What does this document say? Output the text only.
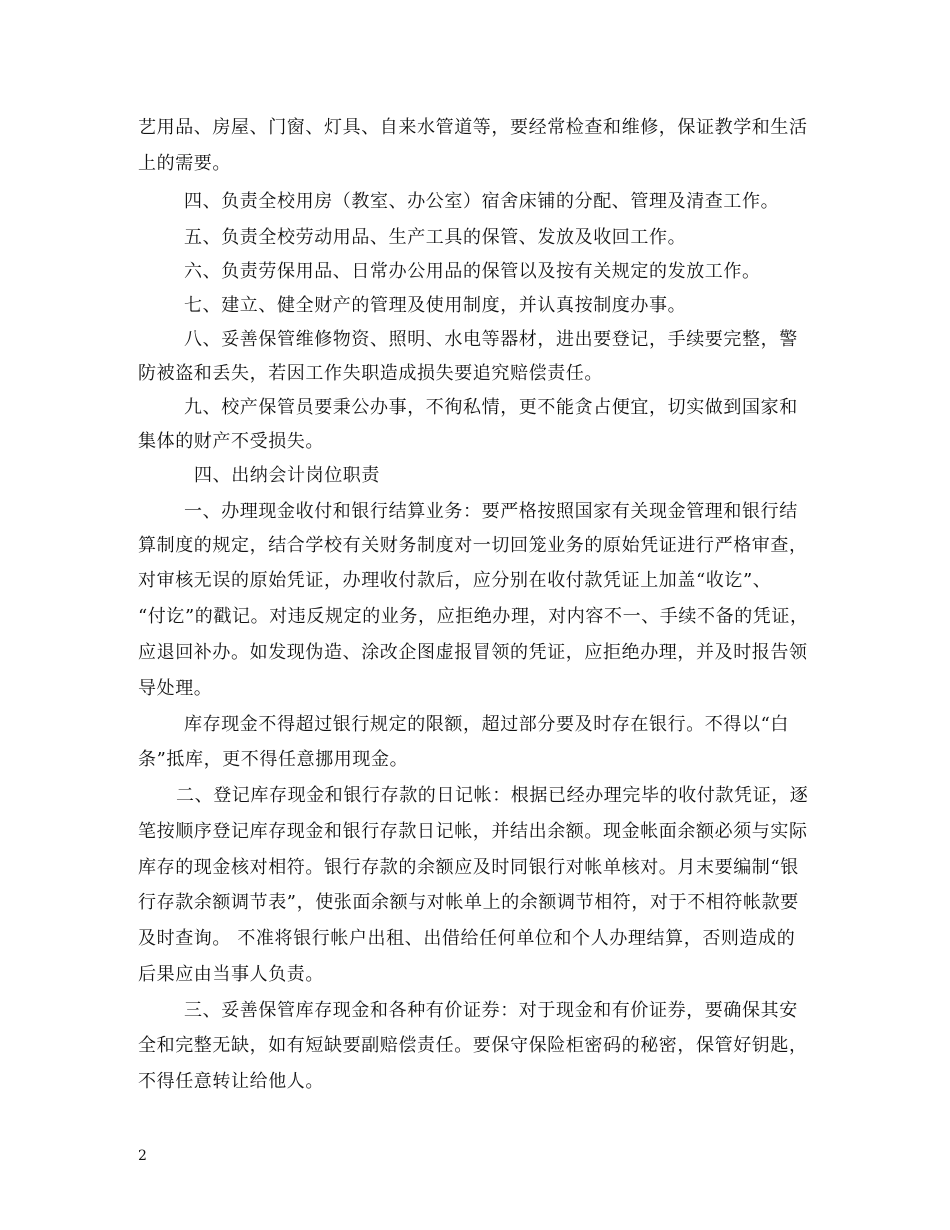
艺用品、房屋、门窗、灯具、自来水管道等，要经常检查和维修，保证教学和生活
上的需要。
四、负责全校用房（教室、办公室）宿舍床铺的分配、管理及清查工作。
五、负责全校劳动用品、生产工具的保管、发放及收回工作。
六、负责劳保用品、日常办公用品的保管以及按有关规定的发放工作。
七、建立、健全财产的管理及使用制度，并认真按制度办事。
八、妥善保管维修物资、照明、水电等器材，进出要登记，手续要完整，警
防被盗和丢失，若因工作失职造成损失要追究赔偿责任。
九、校产保管员要秉公办事，不徇私情，更不能贪占便宜，切实做到国家和
集体的财产不受损失。
四、出纳会计岗位职责
一、办理现金收付和银行结算业务：要严格按照国家有关现金管理和银行结
算制度的规定，结合学校有关财务制度对一切回笼业务的原始凭证进行严格审查，
对审核无误的原始凭证，办理收付款后，应分别在收付款凭证上加盖“收讫”、
“付讫”的戳记。对违反规定的业务，应拒绝办理，对内容不一、手续不备的凭证，
应退回补办。如发现伪造、涂改企图虚报冒领的凭证，应拒绝办理，并及时报告领
导处理。
库存现金不得超过银行规定的限额，超过部分要及时存在银行。不得以“白
条”抵库，更不得任意挪用现金。
二、登记库存现金和银行存款的日记帐：根据已经办理完毕的收付款凭证，逐
笔按顺序登记库存现金和银行存款日记帐，并结出余额。现金帐面余额必须与实际
库存的现金核对相符。银行存款的余额应及时同银行对帐单核对。月末要编制“银
行存款余额调节表”，使张面余额与对帐单上的余额调节相符，对于不相符帐款要
及时查询。 不准将银行帐户出租、出借给任何单位和个人办理结算，否则造成的
后果应由当事人负责。
三、妥善保管库存现金和各种有价证券：对于现金和有价证券，要确保其安
全和完整无缺，如有短缺要副赔偿责任。要保守保险柜密码的秘密，保管好钥匙，
不得任意转让给他人。
2
